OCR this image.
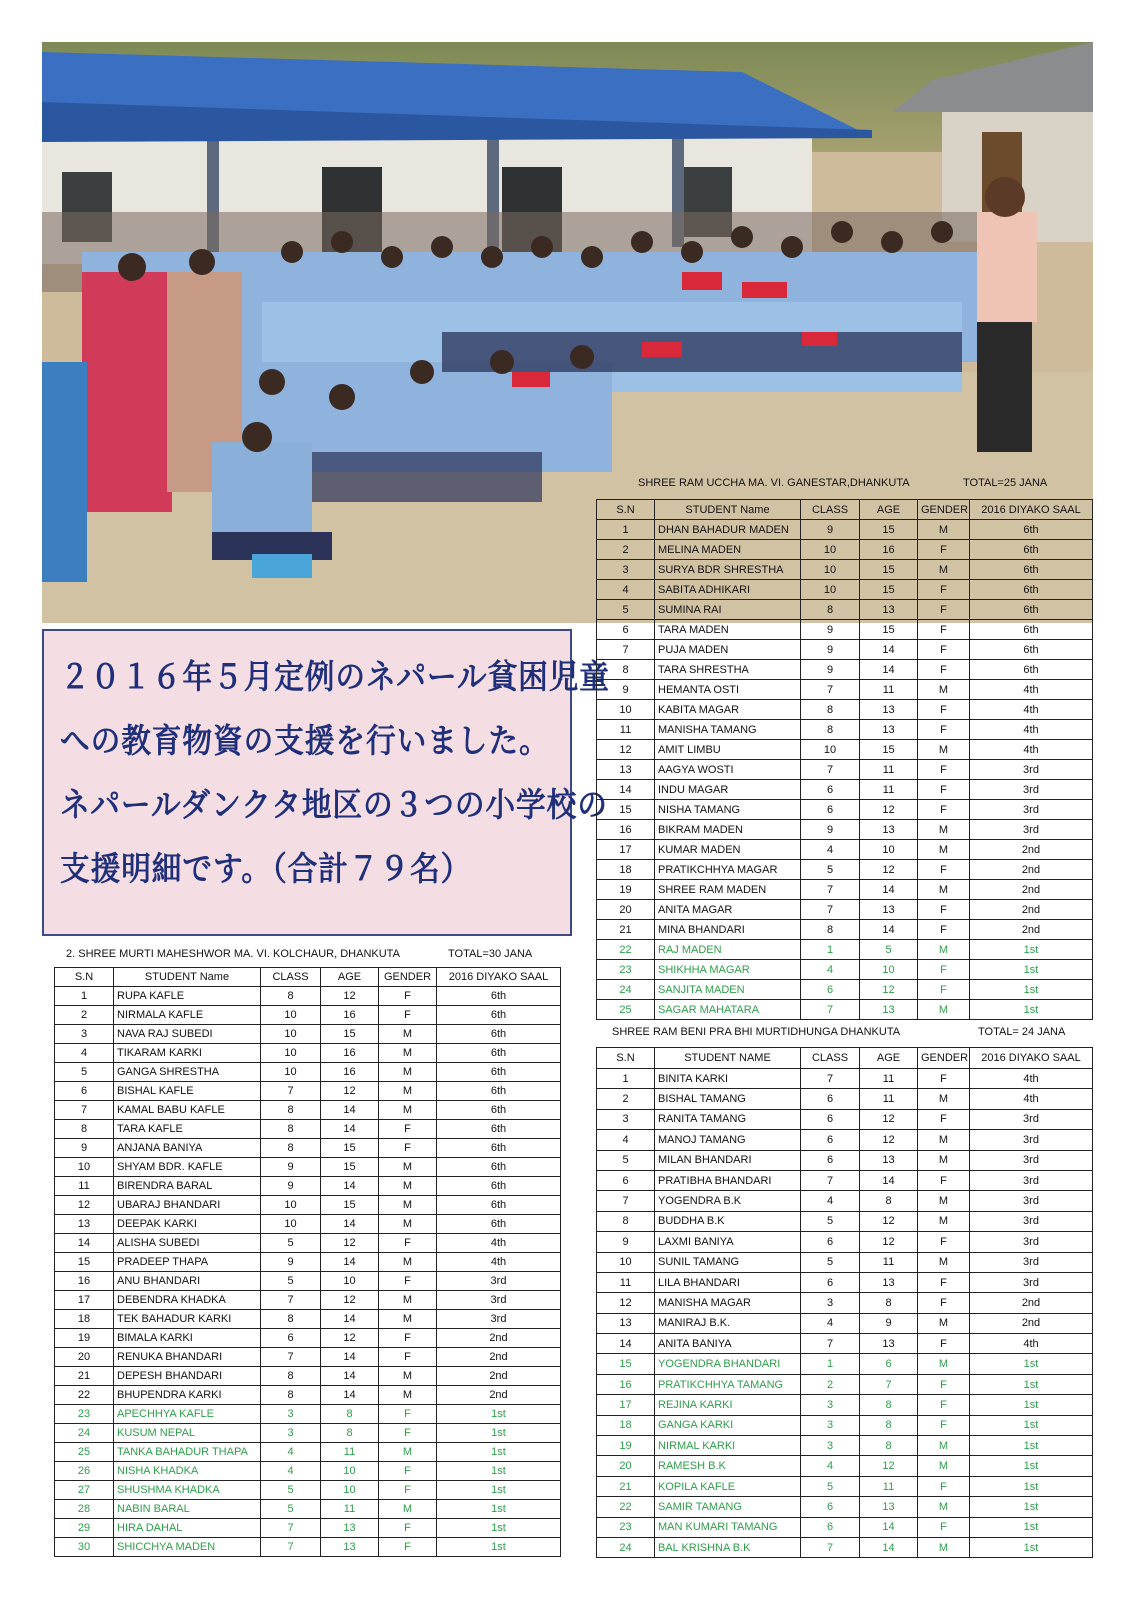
２０１６年５月定例のネパール貧困児童
への教育物資の支援を行いました。
ネパールダンクタ地区の３つの小学校の
支援明細です。（合計７９名）
SHREE RAM UCCHA MA. VI. GANESTAR,DHANKUTA	TOTAL=25 JANA
SHREE RAM BENI PRA BHI MURTIDHUNGA DHANKUTA	TOTAL= 24 JANA
2. SHREE MURTI MAHESHWOR MA. VI. KOLCHAUR, DHANKUTA	TOTAL=30 JANA
S.N	STUDENT Name	CLASS	AGE	GENDER	2016 DIYAKO SAAL
1	DHAN BAHADUR MADEN	9	15	M	6th
2	MELINA MADEN	10	16	F	6th
3	SURYA BDR SHRESTHA	10	15	M	6th
4	SABITA ADHIKARI	10	15	F	6th
5	SUMINA RAI	8	13	F	6th
6	TARA MADEN	9	15	F	6th
7	PUJA MADEN	9	14	F	6th
8	TARA SHRESTHA	9	14	F	6th
9	HEMANTA OSTI	7	11	M	4th
10	KABITA MAGAR	8	13	F	4th
11	MANISHA TAMANG	8	13	F	4th
12	AMIT LIMBU	10	15	M	4th
13	AAGYA WOSTI	7	11	F	3rd
14	INDU MAGAR	6	11	F	3rd
15	NISHA TAMANG	6	12	F	3rd
16	BIKRAM MADEN	9	13	M	3rd
17	KUMAR MADEN	4	10	M	2nd
18	PRATIKCHHYA MAGAR	5	12	F	2nd
19	SHREE RAM MADEN	7	14	M	2nd
20	ANITA MAGAR	7	13	F	2nd
21	MINA BHANDARI	8	14	F	2nd
22	RAJ MADEN	1	5	M	1st
23	SHIKHHA MAGAR	4	10	F	1st
24	SANJITA MADEN	6	12	F	1st
25	SAGAR MAHATARA	7	13	M	1st
S.N	STUDENT NAME	CLASS	AGE	GENDER	2016 DIYAKO SAAL
1	BINITA KARKI	7	11	F	4th
2	BISHAL TAMANG	6	11	M	4th
3	RANITA TAMANG	6	12	F	3rd
4	MANOJ TAMANG	6	12	M	3rd
5	MILAN BHANDARI	6	13	M	3rd
6	PRATIBHA BHANDARI	7	14	F	3rd
7	YOGENDRA B.K	4	8	M	3rd
8	BUDDHA B.K	5	12	M	3rd
9	LAXMI BANIYA	6	12	F	3rd
10	SUNIL TAMANG	5	11	M	3rd
11	LILA BHANDARI	6	13	F	3rd
12	MANISHA MAGAR	3	8	F	2nd
13	MANIRAJ B.K.	4	9	M	2nd
14	ANITA BANIYA	7	13	F	4th
15	YOGENDRA BHANDARI	1	6	M	1st
16	PRATIKCHHYA TAMANG	2	7	F	1st
17	REJINA KARKI	3	8	F	1st
18	GANGA KARKI	3	8	F	1st
19	NIRMAL KARKI	3	8	M	1st
20	RAMESH B.K	4	12	M	1st
21	KOPILA KAFLE	5	11	F	1st
22	SAMIR TAMANG	6	13	M	1st
23	MAN KUMARI TAMANG	6	14	F	1st
24	BAL KRISHNA B.K	7	14	M	1st
S.N	STUDENT Name	CLASS	AGE	GENDER	2016 DIYAKO SAAL
1	RUPA KAFLE	8	12	F	6th
2	NIRMALA KAFLE	10	16	F	6th
3	NAVA RAJ SUBEDI	10	15	M	6th
4	TIKARAM KARKI	10	16	M	6th
5	GANGA SHRESTHA	10	16	M	6th
6	BISHAL KAFLE	7	12	M	6th
7	KAMAL BABU KAFLE	8	14	M	6th
8	TARA KAFLE	8	14	F	6th
9	ANJANA BANIYA	8	15	F	6th
10	SHYAM BDR. KAFLE	9	15	M	6th
11	BIRENDRA BARAL	9	14	M	6th
12	UBARAJ BHANDARI	10	15	M	6th
13	DEEPAK KARKI	10	14	M	6th
14	ALISHA SUBEDI	5	12	F	4th
15	PRADEEP THAPA	9	14	M	4th
16	ANU BHANDARI	5	10	F	3rd
17	DEBENDRA KHADKA	7	12	M	3rd
18	TEK BAHADUR KARKI	8	14	M	3rd
19	BIMALA KARKI	6	12	F	2nd
20	RENUKA BHANDARI	7	14	F	2nd
21	DEPESH BHANDARI	8	14	M	2nd
22	BHUPENDRA KARKI	8	14	M	2nd
23	APECHHYA KAFLE	3	8	F	1st
24	KUSUM NEPAL	3	8	F	1st
25	TANKA BAHADUR THAPA	4	11	M	1st
26	NISHA KHADKA	4	10	F	1st
27	SHUSHMA KHADKA	5	10	F	1st
28	NABIN BARAL	5	11	M	1st
29	HIRA DAHAL	7	13	F	1st
30	SHICCHYA MADEN	7	13	F	1st
